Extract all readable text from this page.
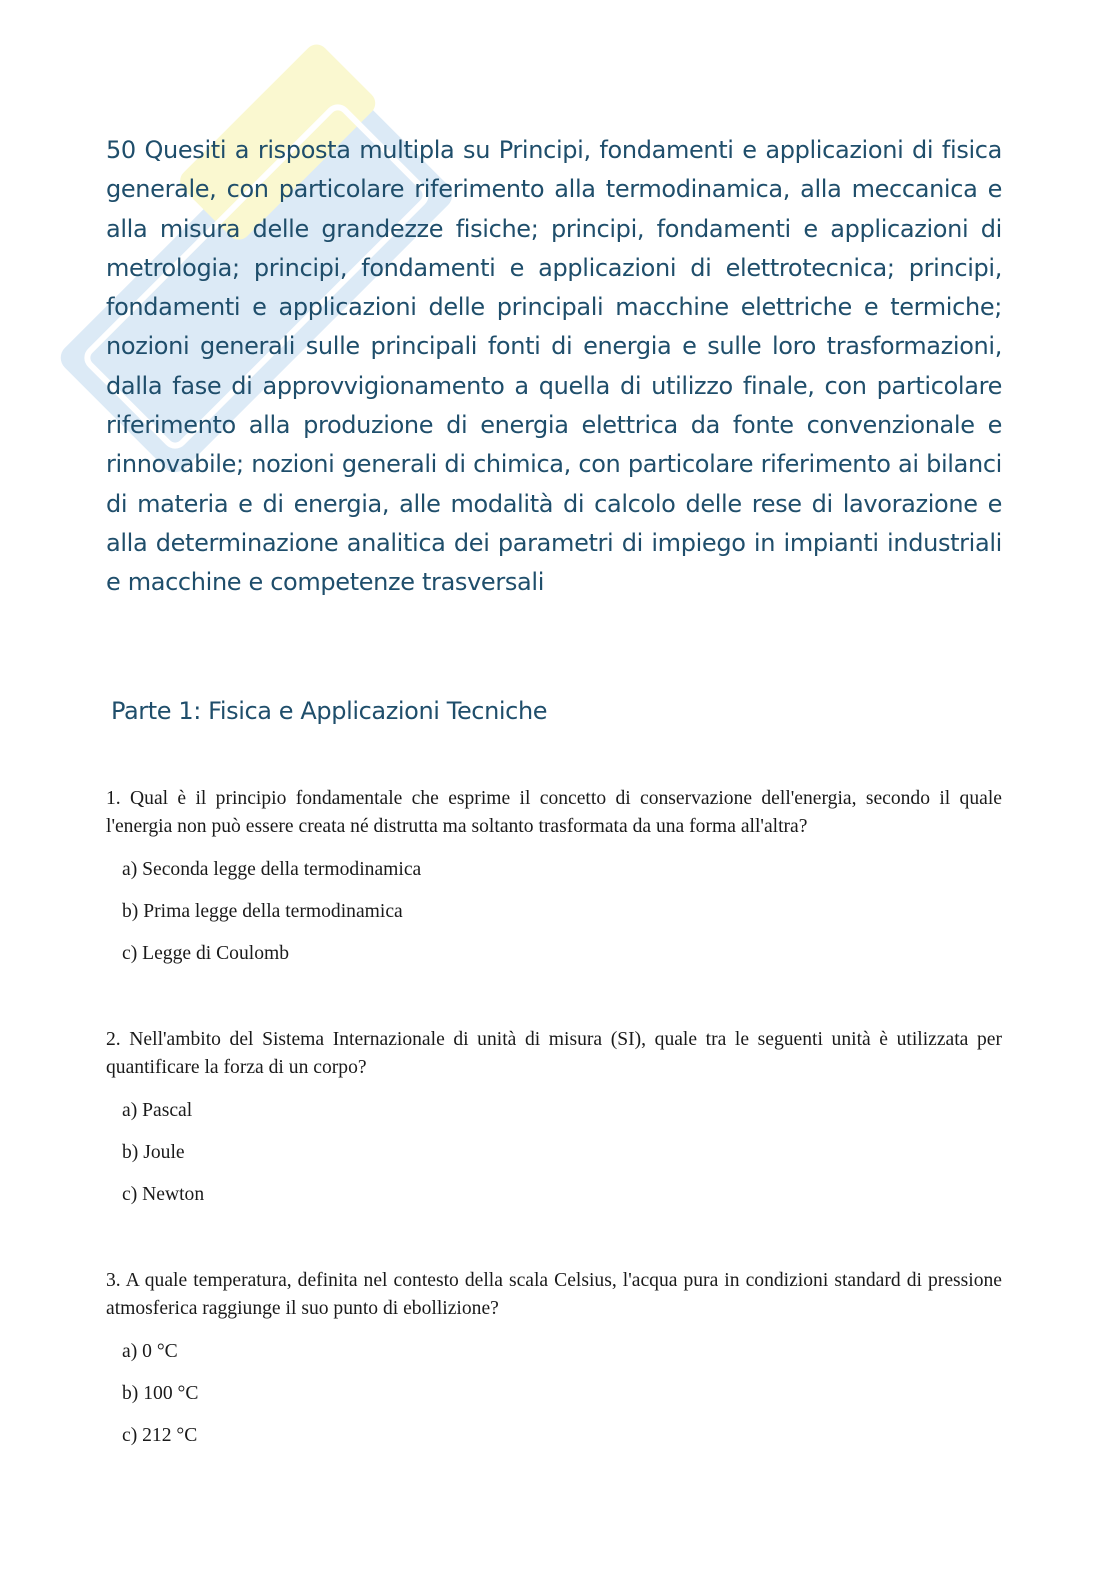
50 Quesiti a risposta multipla su Principi, fondamenti e applicazioni di fisica generale, con particolare riferimento alla termodinamica, alla meccanica e alla misura delle grandezze fisiche; principi, fondamenti e applicazioni di metrologia; principi, fondamenti e applicazioni di elettrotecnica; principi, fondamenti e applicazioni delle principali macchine elettriche e termiche; nozioni generali sulle principali fonti di energia e sulle loro trasformazioni, dalla fase di approvvigionamento a quella di utilizzo finale, con particolare riferimento alla produzione di energia elettrica da fonte convenzionale e rinnovabile; nozioni generali di chimica, con particolare riferimento ai bilanci di materia e di energia, alle modalità di calcolo delle rese di lavorazione e alla determinazione analitica dei parametri di impiego in impianti industriali e macchine e competenze trasversali

Parte 1: Fisica e Applicazioni Tecniche

1. Qual è il principio fondamentale che esprime il concetto di conservazione dell'energia, secondo il quale l'energia non può essere creata né distrutta ma soltanto trasformata da una forma all'altra?

a) Seconda legge della termodinamica

b) Prima legge della termodinamica

c) Legge di Coulomb

2. Nell'ambito del Sistema Internazionale di unità di misura (SI), quale tra le seguenti unità è utilizzata per quantificare la forza di un corpo?

a) Pascal

b) Joule

c) Newton

3. A quale temperatura, definita nel contesto della scala Celsius, l'acqua pura in condizioni standard di pressione atmosferica raggiunge il suo punto di ebollizione?

a) 0 °C

b) 100 °C

c) 212 °C
